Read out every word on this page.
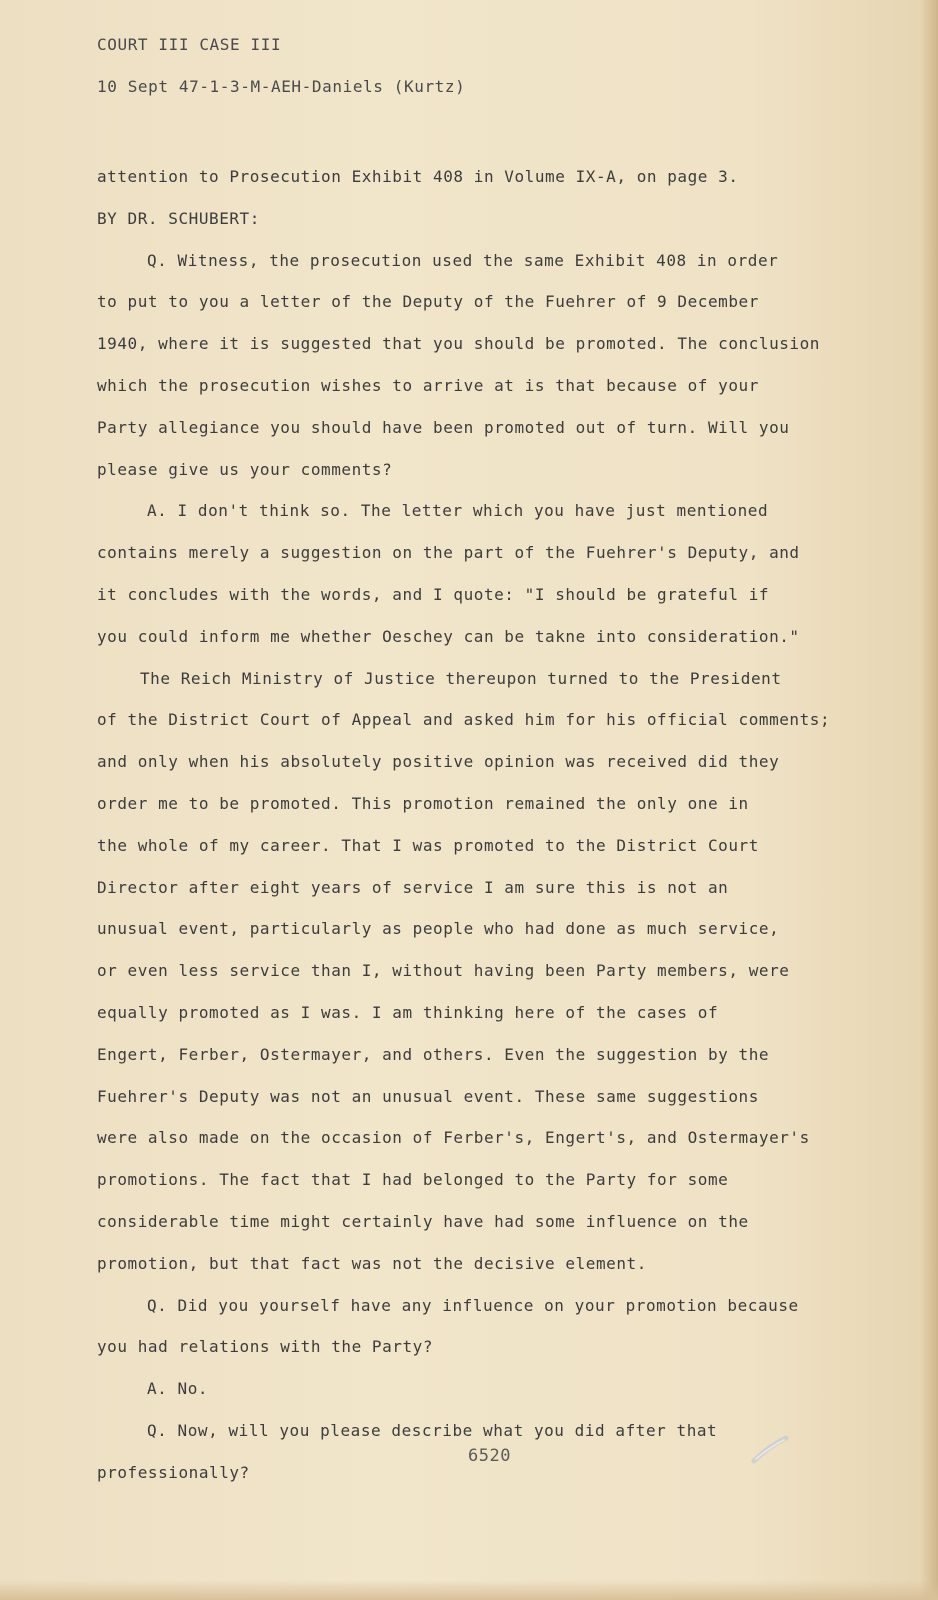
COURT III CASE III
10 Sept 47-1-3-M-AEH-Daniels (Kurtz)
attention to Prosecution Exhibit 408 in Volume IX-A, on page 3.
BY DR. SCHUBERT:
Q. Witness, the prosecution used the same Exhibit 408 in order
to put to you a letter of the Deputy of the Fuehrer of 9 December
1940, where it is suggested that you should be promoted. The conclusion
which the prosecution wishes to arrive at is that because of your
Party allegiance you should have been promoted out of turn. Will you
please give us your comments?
A. I don't think so. The letter which you have just mentioned
contains merely a suggestion on the part of the Fuehrer's Deputy, and
it concludes with the words, and I quote: "I should be grateful if
you could inform me whether Oeschey can be takne into consideration."
The Reich Ministry of Justice thereupon turned to the President
of the District Court of Appeal and asked him for his official comments;
and only when his absolutely positive opinion was received did they
order me to be promoted. This promotion remained the only one in
the whole of my career. That I was promoted to the District Court
Director after eight years of service I am sure this is not an
unusual event, particularly as people who had done as much service,
or even less service than I, without having been Party members, were
equally promoted as I was. I am thinking here of the cases of
Engert, Ferber, Ostermayer, and others. Even the suggestion by the
Fuehrer's Deputy was not an unusual event. These same suggestions
were also made on the occasion of Ferber's, Engert's, and Ostermayer's
promotions. The fact that I had belonged to the Party for some
considerable time might certainly have had some influence on the
promotion, but that fact was not the decisive element.
Q. Did you yourself have any influence on your promotion because
you had relations with the Party?
A. No.
Q. Now, will you please describe what you did after that
professionally?
6520
